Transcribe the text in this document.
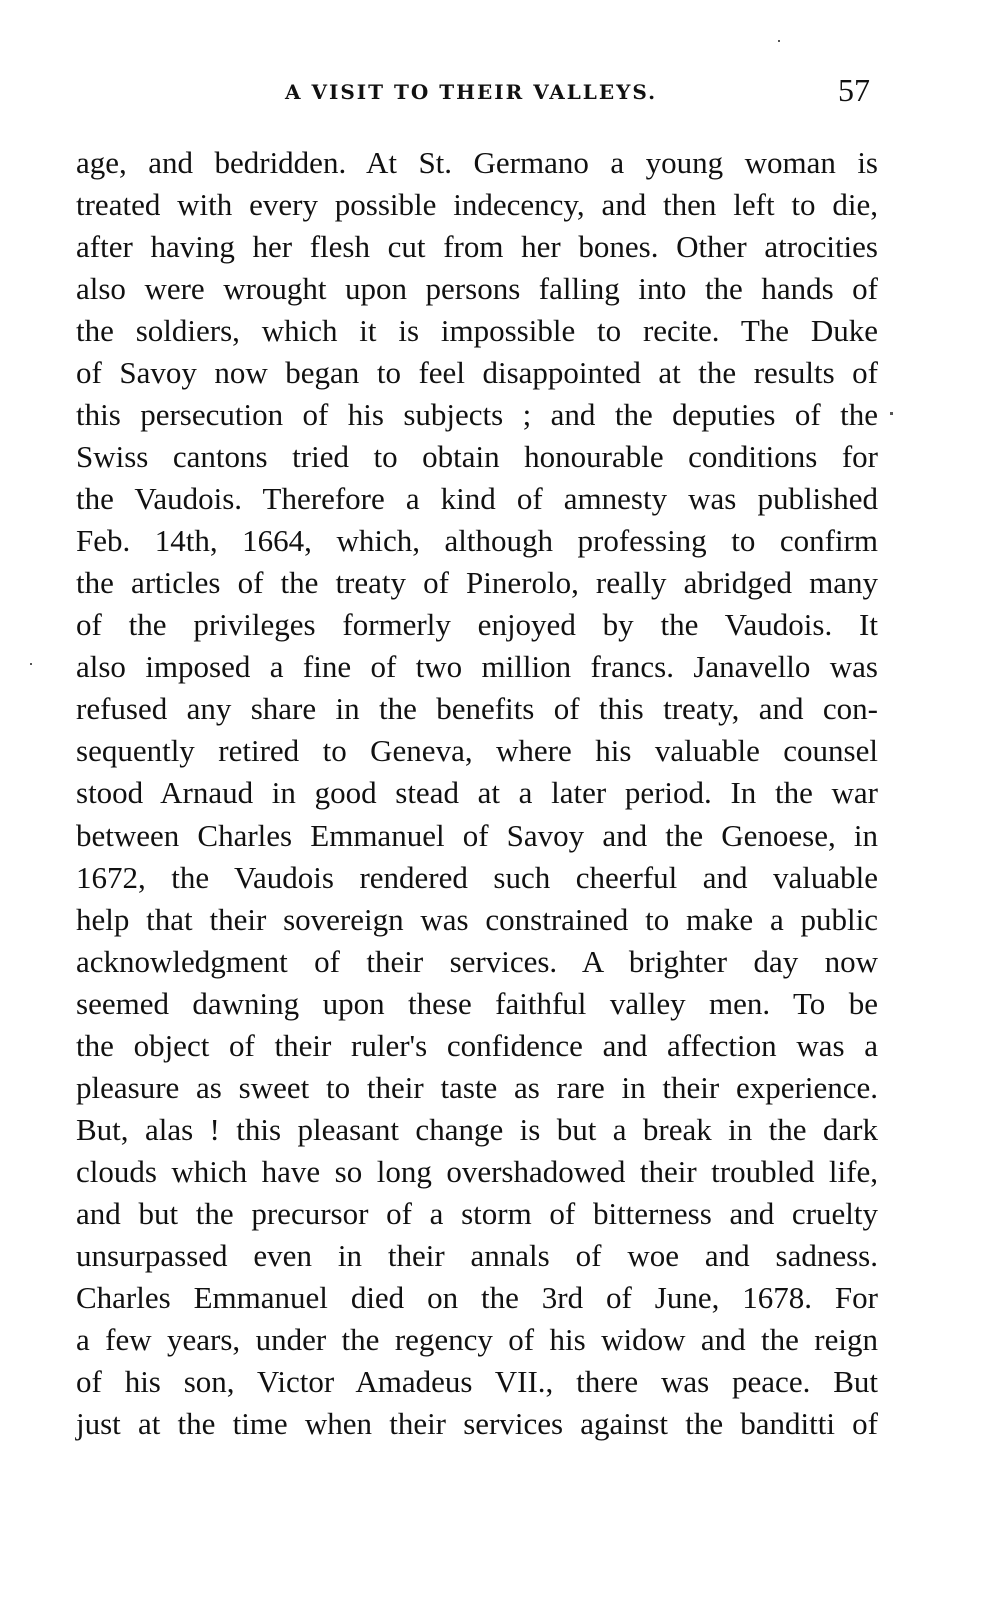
A VISIT TO THEIR VALLEYS.	57
age, and bedridden. At St. Germano a young woman is
treated with every possible indecency, and then left to die,
after having her flesh cut from her bones. Other atrocities
also were wrought upon persons falling into the hands of
the soldiers, which it is impossible to recite. The Duke
of Savoy now began to feel disappointed at the results of
this persecution of his subjects ; and the deputies of the
Swiss cantons tried to obtain honourable conditions for
the Vaudois. Therefore a kind of amnesty was published
Feb. 14th, 1664, which, although professing to confirm
the articles of the treaty of Pinerolo, really abridged many
of the privileges formerly enjoyed by the Vaudois. It
also imposed a fine of two million francs. Janavello was
refused any share in the benefits of this treaty, and con-
sequently retired to Geneva, where his valuable counsel
stood Arnaud in good stead at a later period. In the war
between Charles Emmanuel of Savoy and the Genoese, in
1672, the Vaudois rendered such cheerful and valuable
help that their sovereign was constrained to make a public
acknowledgment of their services. A brighter day now
seemed dawning upon these faithful valley men. To be
the object of their ruler's confidence and affection was a
pleasure as sweet to their taste as rare in their experience.
But, alas ! this pleasant change is but a break in the dark
clouds which have so long overshadowed their troubled life,
and but the precursor of a storm of bitterness and cruelty
unsurpassed even in their annals of woe and sadness.
Charles Emmanuel died on the 3rd of June, 1678. For
a few years, under the regency of his widow and the reign
of his son, Victor Amadeus VII., there was peace. But
just at the time when their services against the banditti of
